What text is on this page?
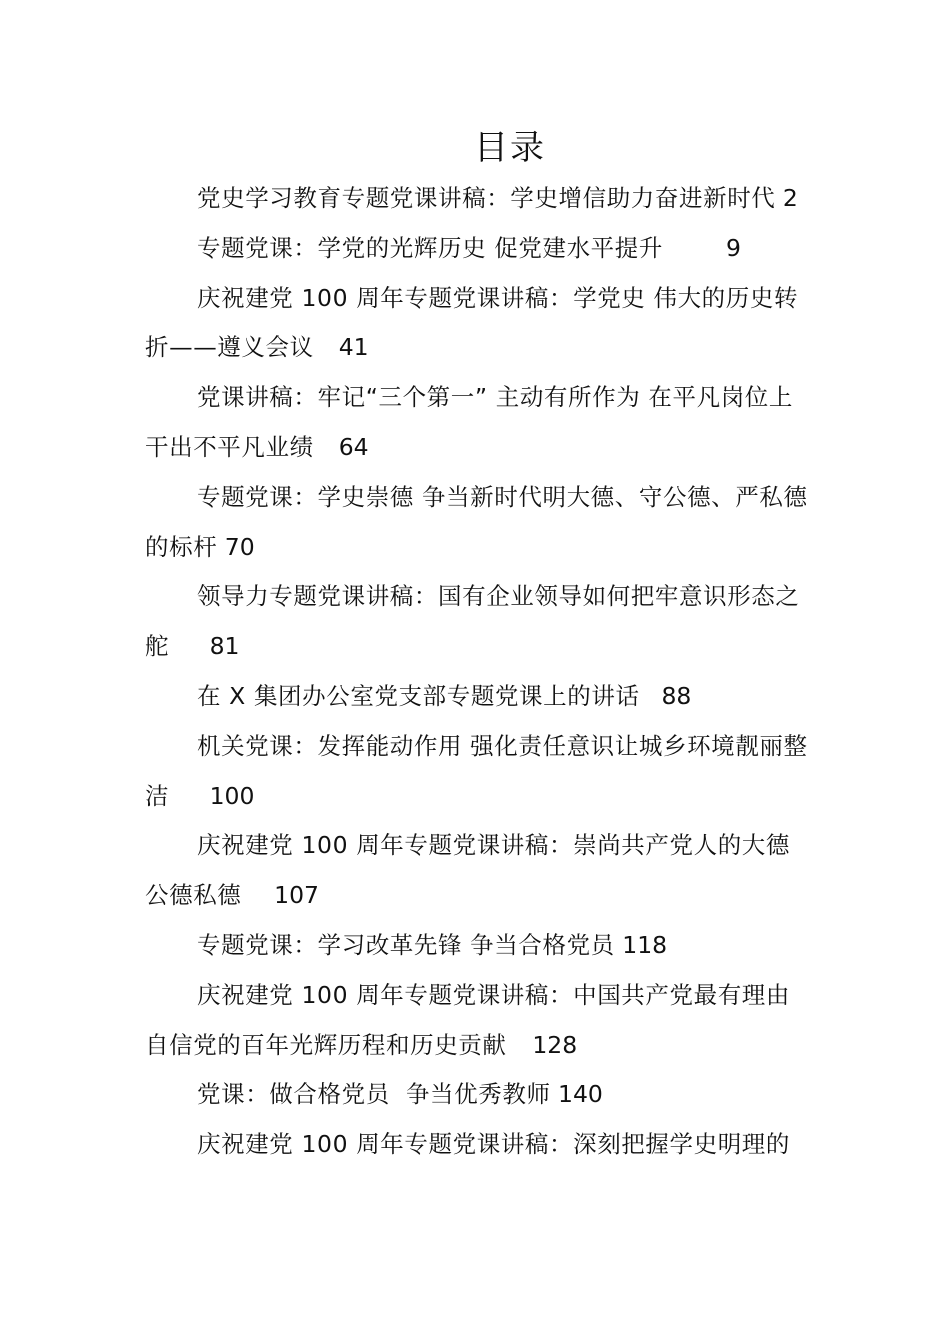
目录
党史学习教育专题党课讲稿：学史增信助力奋进新时代 2
专题党课：学党的光辉历史 促党建水平提升	9
庆祝建党 100 周年专题党课讲稿：学党史 伟大的历史转折——遵义会议	41
党课讲稿：牢记“三个第一” 主动有所作为 在平凡岗位上干出不平凡业绩	64
专题党课：学史崇德 争当新时代明大德、守公德、严私德的标杆 70
领导力专题党课讲稿：国有企业领导如何把牢意识形态之舵	81
在 X 集团办公室党支部专题党课上的讲话	88
机关党课：发挥能动作用 强化责任意识让城乡环境靓丽整洁	100
庆祝建党 100 周年专题党课讲稿：崇尚共产党人的大德公德私德	107
专题党课：学习改革先锋 争当合格党员 118
庆祝建党 100 周年专题党课讲稿：中国共产党最有理由自信党的百年光辉历程和历史贡献	128
党课：做合格党员  争当优秀教师 140
庆祝建党 100 周年专题党课讲稿：深刻把握学史明理的
